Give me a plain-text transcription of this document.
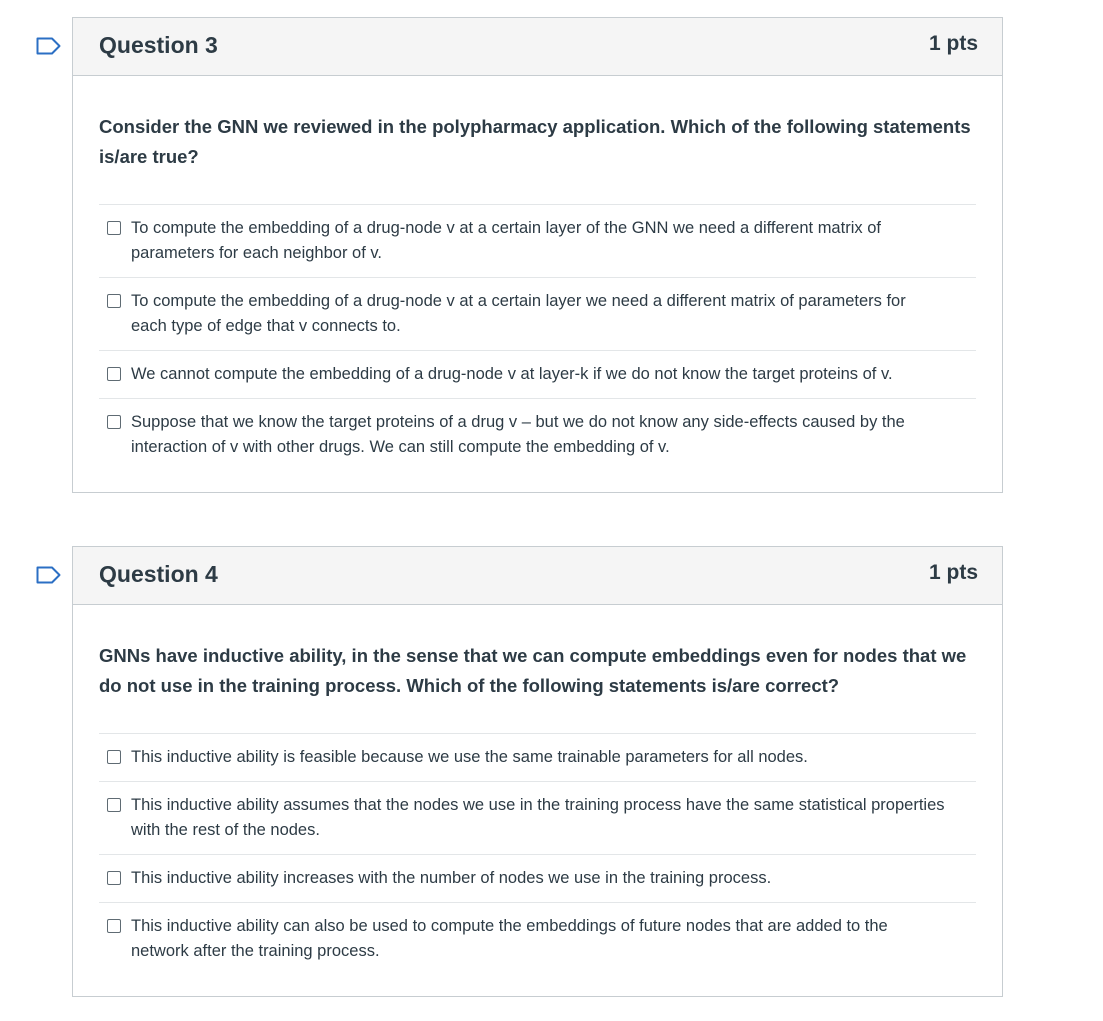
Question 3	1 pts

Consider the GNN we reviewed in the polypharmacy application. Which of the following statements is/are true?

To compute the embedding of a drug-node v at a certain layer of the GNN we need a different matrix of parameters for each neighbor of v.
To compute the embedding of a drug-node v at a certain layer we need a different matrix of parameters for each type of edge that v connects to.
We cannot compute the embedding of a drug-node v at layer-k if we do not know the target proteins of v.
Suppose that we know the target proteins of a drug v – but we do not know any side-effects caused by the interaction of v with other drugs. We can still compute the embedding of v.
Question 4	1 pts

GNNs have inductive ability, in the sense that we can compute embeddings even for nodes that we do not use in the training process. Which of the following statements is/are correct?

This inductive ability is feasible because we use the same trainable parameters for all nodes.
This inductive ability assumes that the nodes we use in the training process have the same statistical properties with the rest of the nodes.
This inductive ability increases with the number of nodes we use in the training process.
This inductive ability can also be used to compute the embeddings of future nodes that are added to the network after the training process.
